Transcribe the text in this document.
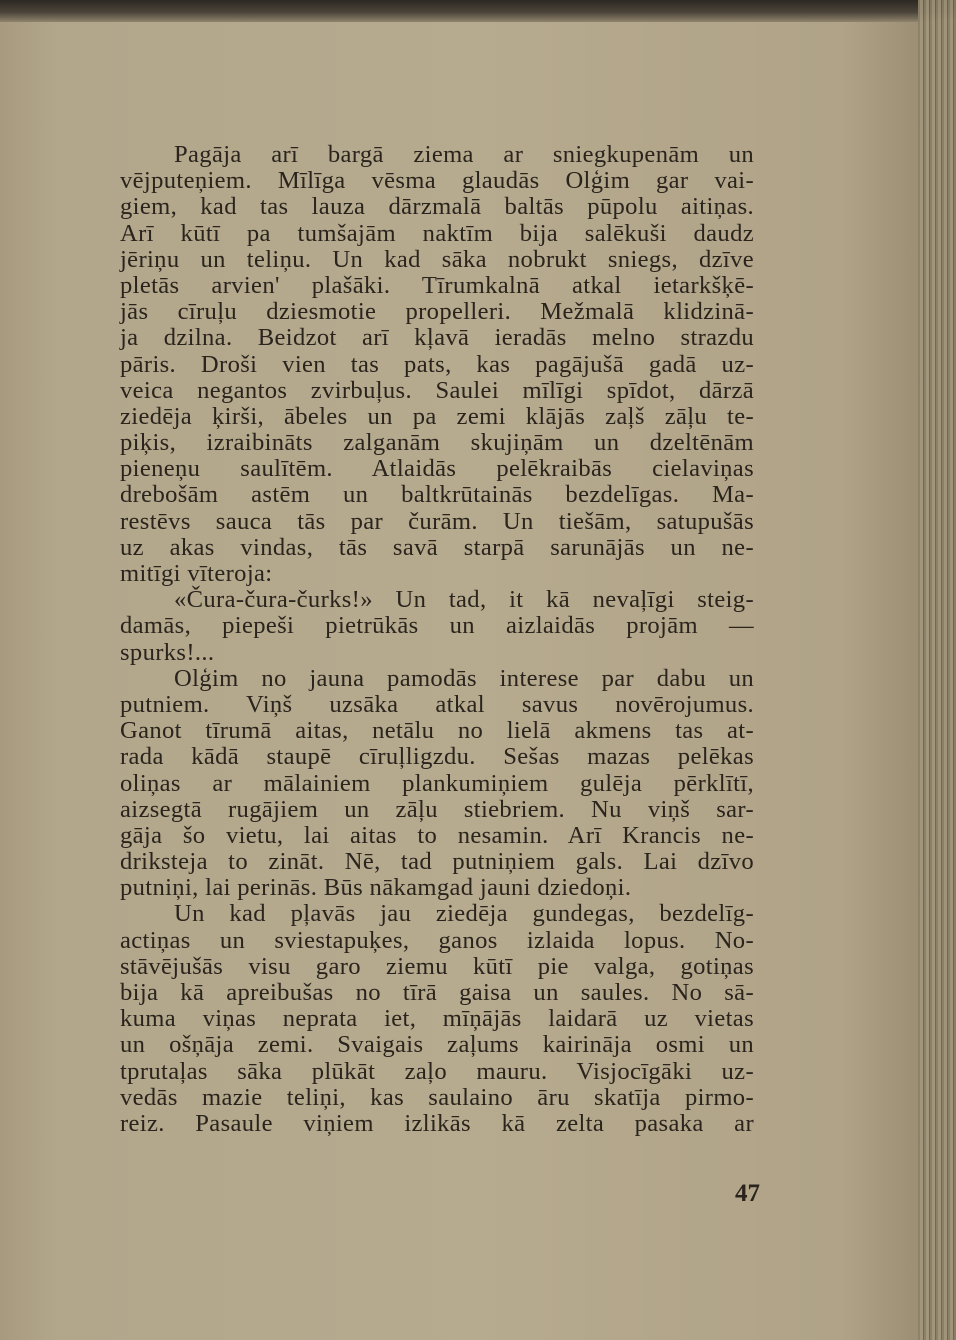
Pagāja arī bargā ziema ar sniegkupenām un
vējputeņiem. Mīlīga vēsma glaudās Olģim gar vai-
giem, kad tas lauza dārzmalā baltās pūpolu aitiņas.
Arī kūtī pa tumšajām naktīm bija salēkuši daudz
jēriņu un teliņu. Un kad sāka nobrukt sniegs, dzīve
pletās arvien' plašāki. Tīrumkalnā atkal ietarkšķē-
jās cīruļu dziesmotie propelleri. Mežmalā klidzinā-
ja dzilna. Beidzot arī kļavā ieradās melno strazdu
pāris. Droši vien tas pats, kas pagājušā gadā uz-
veica negantos zvirbuļus. Saulei mīlīgi spīdot, dārzā
ziedēja ķirši, ābeles un pa zemi klājās zaļš zāļu te-
piķis, izraibināts zalganām skujiņām un dzeltēnām
pieneņu saulītēm. Atlaidās pelēkraibās cielaviņas
drebošām astēm un baltkrūtainās bezdelīgas. Ma-
restēvs sauca tās par čurām. Un tiešām, satupušās
uz akas vindas, tās savā starpā sarunājās un ne-
mitīgi vīteroja:
«Čura-čura-čurks!» Un tad, it kā nevaļīgi steig-
damās, piepeši pietrūkās un aizlaidās projām —
spurks!...
Olģim no jauna pamodās interese par dabu un
putniem. Viņš uzsāka atkal savus novērojumus.
Ganot tīrumā aitas, netālu no lielā akmens tas at-
rada kādā staupē cīruļligzdu. Sešas mazas pelēkas
oliņas ar mālainiem plankumiņiem gulēja pērklītī,
aizsegtā rugājiem un zāļu stiebriem. Nu viņš sar-
gāja šo vietu, lai aitas to nesamin. Arī Krancis ne-
driksteja to zināt. Nē, tad putniņiem gals. Lai dzīvo
putniņi, lai perinās. Būs nākamgad jauni dziedoņi.
Un kad pļavās jau ziedēja gundegas, bezdelīg-
actiņas un sviestapuķes, ganos izlaida lopus. No-
stāvējušās visu garo ziemu kūtī pie valga, gotiņas
bija kā apreibušas no tīrā gaisa un saules. No sā-
kuma viņas neprata iet, mīņājās laidarā uz vietas
un ošņāja zemi. Svaigais zaļums kairināja osmi un
tprutaļas sāka plūkāt zaļo mauru. Visjocīgāki uz-
vedās mazie teliņi, kas saulaino āru skatīja pirmo-
reiz. Pasaule viņiem izlikās kā zelta pasaka ar
47
